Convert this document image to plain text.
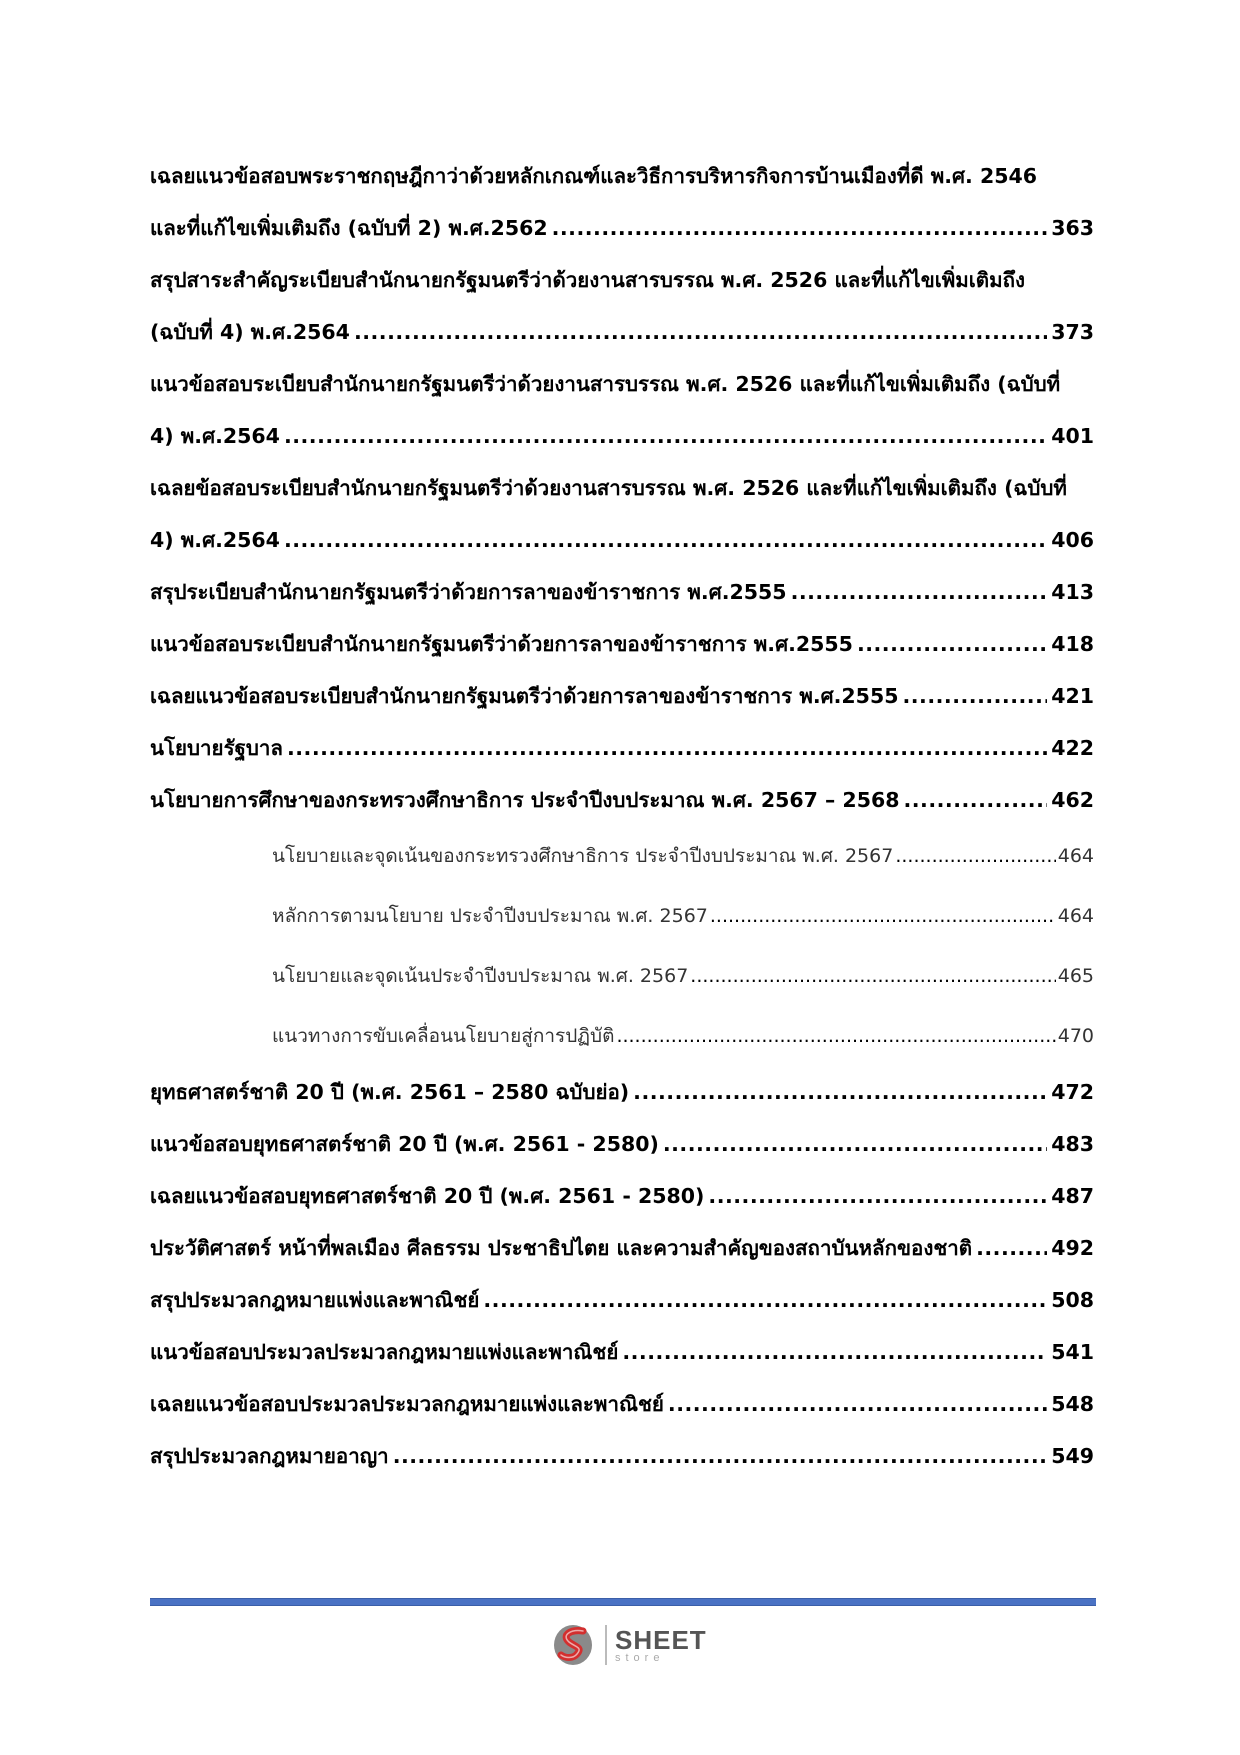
เฉลยแนวข้อสอบพระราชกฤษฎีกาว่าด้วยหลักเกณฑ์และวิธีการบริหารกิจการบ้านเมืองที่ดี พ.ศ. 2546
และที่แก้ไขเพิ่มเติมถึง (ฉบับที่ 2) พ.ศ.2562 .....	363
สรุปสาระสำคัญระเบียบสำนักนายกรัฐมนตรีว่าด้วยงานสารบรรณ พ.ศ. 2526 และที่แก้ไขเพิ่มเติมถึง
(ฉบับที่ 4) พ.ศ.2564 .....	373
แนวข้อสอบระเบียบสำนักนายกรัฐมนตรีว่าด้วยงานสารบรรณ พ.ศ. 2526 และที่แก้ไขเพิ่มเติมถึง (ฉบับที่
4) พ.ศ.2564 .....	401
เฉลยข้อสอบระเบียบสำนักนายกรัฐมนตรีว่าด้วยงานสารบรรณ พ.ศ. 2526 และที่แก้ไขเพิ่มเติมถึง (ฉบับที่
4) พ.ศ.2564 .....	406
สรุประเบียบสำนักนายกรัฐมนตรีว่าด้วยการลาของข้าราชการ พ.ศ.2555 .....	413
แนวข้อสอบระเบียบสำนักนายกรัฐมนตรีว่าด้วยการลาของข้าราชการ พ.ศ.2555 .....	418
เฉลยแนวข้อสอบระเบียบสำนักนายกรัฐมนตรีว่าด้วยการลาของข้าราชการ พ.ศ.2555 .....	421
นโยบายรัฐบาล .....	422
นโยบายการศึกษาของกระทรวงศึกษาธิการ ประจำปีงบประมาณ พ.ศ. 2567 – 2568 .....	462
นโยบายและจุดเน้นของกระทรวงศึกษาธิการ ประจำปีงบประมาณ พ.ศ. 2567 .....	464
หลักการตามนโยบาย ประจำปีงบประมาณ พ.ศ. 2567 .....	464
นโยบายและจุดเน้นประจำปีงบประมาณ พ.ศ. 2567 .....	465
แนวทางการขับเคลื่อนนโยบายสู่การปฏิบัติ .....	470
ยุทธศาสตร์ชาติ 20 ปี (พ.ศ. 2561 – 2580 ฉบับย่อ) .....	472
แนวข้อสอบยุทธศาสตร์ชาติ 20 ปี (พ.ศ. 2561 - 2580) .....	483
เฉลยแนวข้อสอบยุทธศาสตร์ชาติ 20 ปี (พ.ศ. 2561 - 2580) .....	487
ประวัติศาสตร์ หน้าที่พลเมือง ศีลธรรม ประชาธิปไตย และความสำคัญของสถาบันหลักของชาติ .....	492
สรุปประมวลกฎหมายแพ่งและพาณิชย์ .....	508
แนวข้อสอบประมวลประมวลกฎหมายแพ่งและพาณิชย์ .....	541
เฉลยแนวข้อสอบประมวลประมวลกฎหมายแพ่งและพาณิชย์ .....	548
สรุปประมวลกฎหมายอาญา .....	549
SHEET
store
